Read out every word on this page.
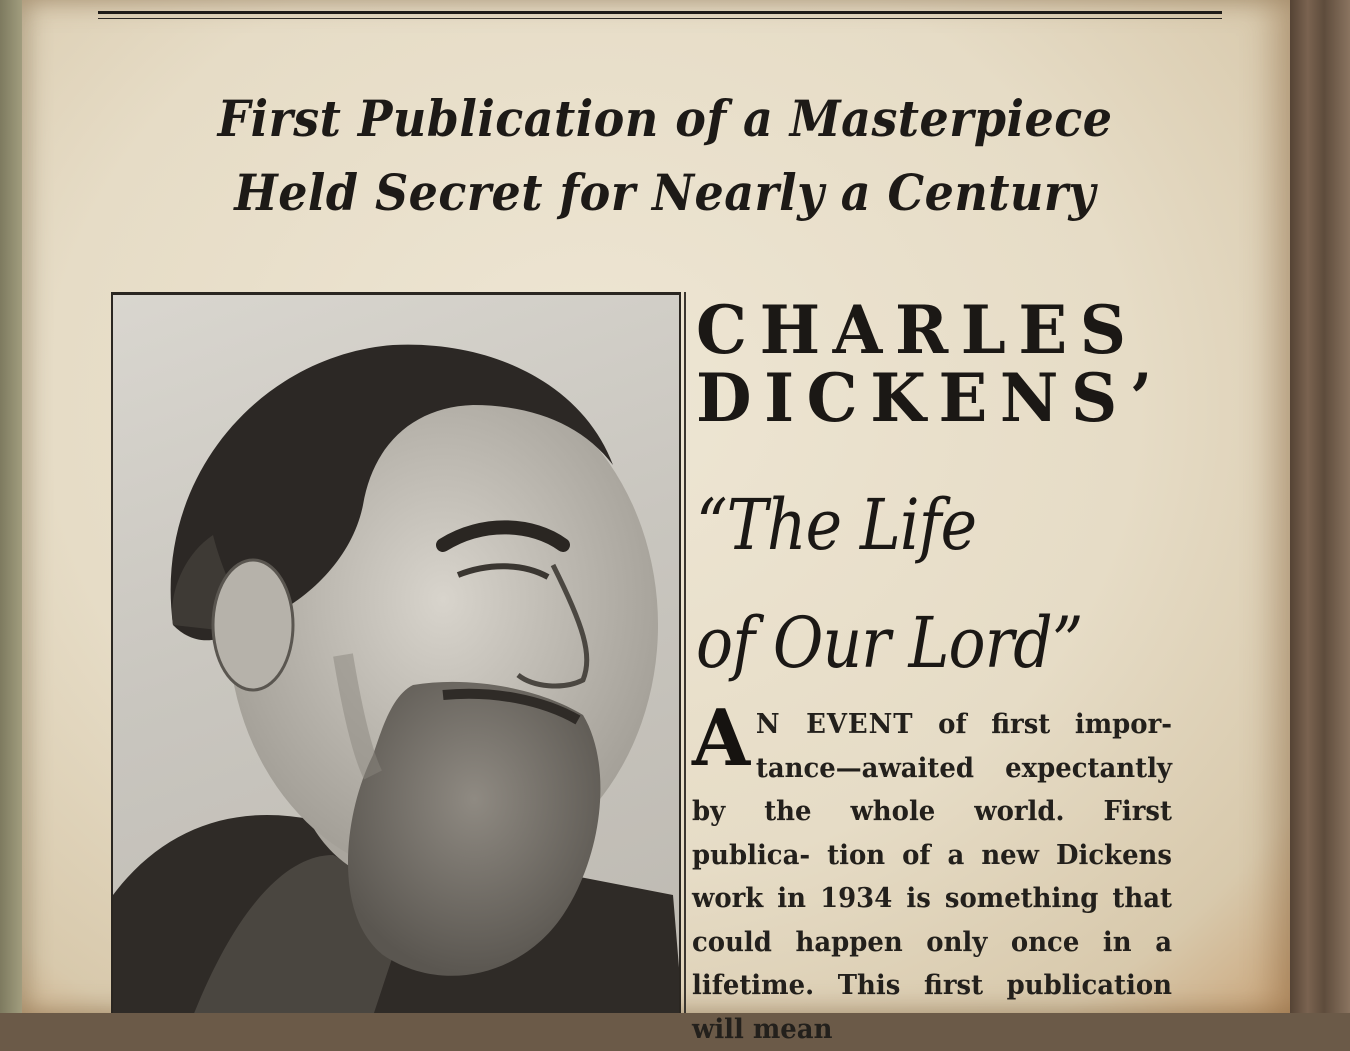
First Publication of a Masterpiece
Held Secret for Nearly a Century
CHARLES
DICKENS’
“The Life
of Our Lord”
A N EVENT of first impor- tance—awaited expectantly by the whole world. First publica- tion of a new Dickens work in 1934 is something that could happen only once in a lifetime. This first publication will mean
